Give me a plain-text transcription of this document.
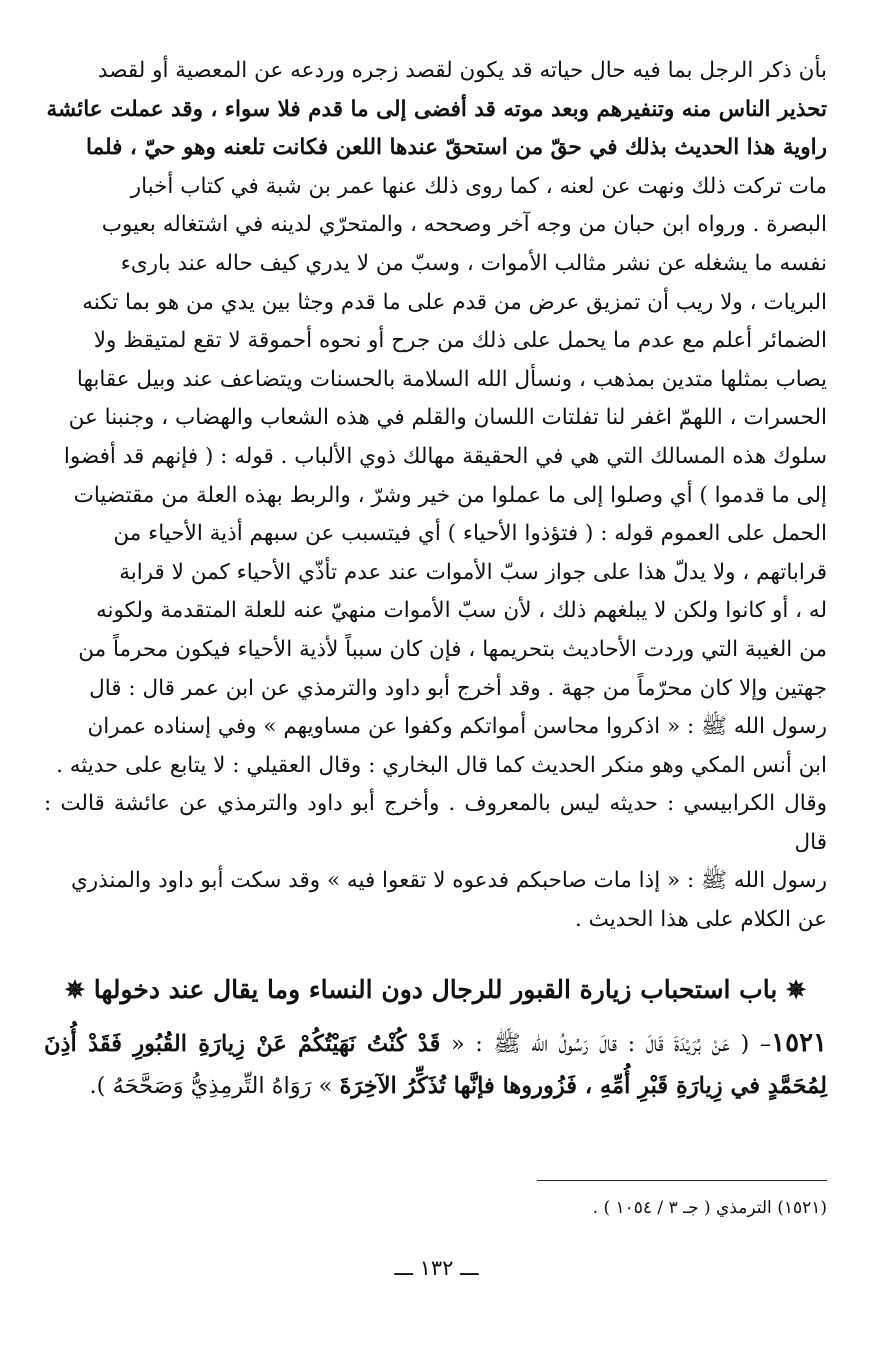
بأن ذكر الرجل بما فيه حال حياته قد يكون لقصد زجره وردعه عن المعصية أو لقصد

تحذير الناس منه وتنفيرهم وبعد موته قد أفضى إلى ما قدم فلا سواء ، وقد عملت عائشة

راوية هذا الحديث بذلك في حقّ من استحقّ عندها اللعن فكانت تلعنه وهو حيّ ، فلما

مات تركت ذلك ونهت عن لعنه ، كما روى ذلك عنها عمر بن شبة في كتاب أخبار

البصرة . ورواه ابن حبان من وجه آخر وصححه ، والمتحرّي لدينه في اشتغاله بعيوب

نفسه ما يشغله عن نشر مثالب الأموات ، وسبّ من لا يدري كيف حاله عند بارىء

البريات ، ولا ريب أن تمزيق عرض من قدم على ما قدم وجثا بين يدي من هو بما تكنه

الضمائر أعلم مع عدم ما يحمل على ذلك من جرح أو نحوه أحموقة لا تقع لمتيقظ ولا

يصاب بمثلها متدين بمذهب ، ونسأل الله السلامة بالحسنات ويتضاعف عند وبيل عقابها

الحسرات ، اللهمّ اغفر لنا تفلتات اللسان والقلم في هذه الشعاب والهضاب ، وجنبنا عن

سلوك هذه المسالك التي هي في الحقيقة مهالك ذوي الألباب . قوله : ( فإنهم قد أفضوا

إلى ما قدموا ) أي وصلوا إلى ما عملوا من خير وشرّ ، والربط بهذه العلة من مقتضيات

الحمل على العموم قوله : ( فتؤذوا الأحياء ) أي فيتسبب عن سبهم أذية الأحياء من

قراباتهم ، ولا يدلّ هذا على جواز سبّ الأموات عند عدم تأذّي الأحياء كمن لا قرابة

له ، أو كانوا ولكن لا يبلغهم ذلك ، لأن سبّ الأموات منهيّ عنه للعلة المتقدمة ولكونه

من الغيبة التي وردت الأحاديث بتحريمها ، فإن كان سبباً لأذية الأحياء فيكون محرماً من

جهتين وإلا كان محرّماً من جهة . وقد أخرج أبو داود والترمذي عن ابن عمر قال : قال

رسول الله ﷺ : « اذكروا محاسن أمواتكم وكفوا عن مساويهم » وفي إسناده عمران

ابن أنس المكي وهو منكر الحديث كما قال البخاري : وقال العقيلي : لا يتابع على حديثه .

وقال الكرابيسي : حديثه ليس بالمعروف . وأخرج أبو داود والترمذي عن عائشة قالت : قال

رسول الله ﷺ : « إذا مات صاحبكم فدعوه لا تقعوا فيه » وقد سكت أبو داود والمنذري

عن الكلام على هذا الحديث .

✵ باب استحباب زيارة القبور للرجال دون النساء وما يقال عند دخولها ✵

١٥٢١– ( عَنْ بُرَيْدَةَ قَالَ : قالَ رَسُولُ الله ﷺ : « قَدْ كُنْتُ نَهَيْتُكُمْ عَنْ زِيارَةِ القُبُورِ فَقَدْ أُذِنَ لِمُحَمَّدٍ في زِيارَةِ قَبْرِ أُمِّهِ ، فَزُوروها فإنَّها تُذَكِّرُ الآخِرَةَ » رَوَاهُ التِّرمِذِيُّ وَصَحَّحَهُ ).

(١٥٢١) الترمذي ( جـ ٣ / ١٠٥٤ ) .
ـــ ١٣٢ ـــ
